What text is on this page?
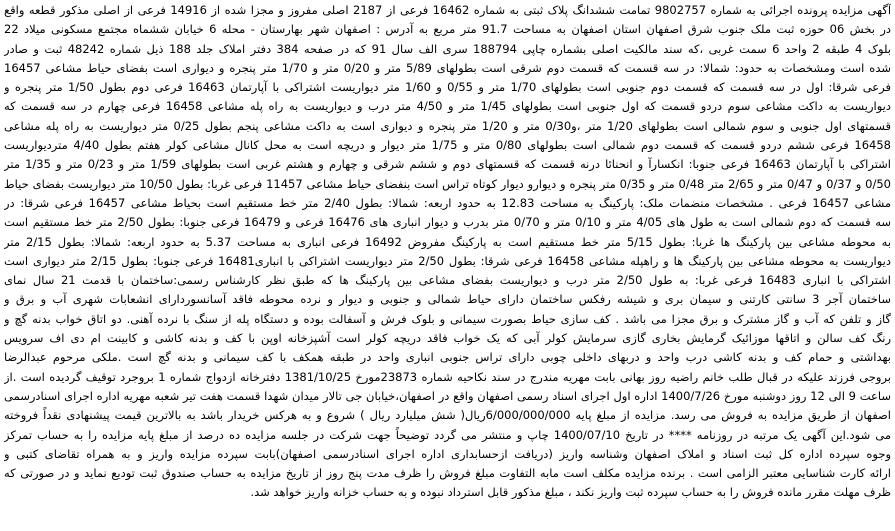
آگهی مزایده پرونده اجرائی به شماره 9802757 تمامت ششدانگ پلاک ثبتی به شماره 16462 فرعی از 2187 اصلی مفروز و مجزا شده از 14916 فرعی از اصلی مذکور قطعه واقع
در بخش 06 حوزه ثبت ملک جنوب شرق اصفهان استان اصفهان به مساحت 91.7 متر مربع به آدرس : اصفهان شهر بهارستان - محله 6 خیابان ششماه مجتمع مسکونی میلاد 22
بلوک 4 طبقه 2 واحد 6 سمت غربی ،که سند مالکیت اصلی بشماره چاپی 188794 سری الف سال 91 که در صفحه 384 دفتر املاک جلد 188 ذیل شماره 48242 ثبت و صادر
شده است ومشخصات به حدود: شمالا: در سه قسمت که قسمت دوم شرقی است بطولهای 5/89 متر و 0/20 متر و 1/70 متر پنجره و دیواری است بفضای حیاط مشاعی 16457
فرعی شرقا: اول در سه قسمت که قسمت دوم جنوبی است بطولهای 1/70 متر و 0/55 و 1/60 متر دیواریست اشتراکی با آپارتمان 16463 فرعی دوم بطول 1/50 متر پنجره و
دیواریست به داکت مشاعی سوم دردو قسمت که اول جنوبی است بطولهای 1/45 متر و 4/50 متر درب و دیواریست به راه پله مشاعی 16458 فرعی چهارم در سه قسمت که
قسمتهای اول جنوبی و سوم شمالی است بطولهای 1/20 متر ،و0/30 متر و 1/20 متر پنجره و دیواری است به داکت مشاعی پنجم بطول 0/25 متر دیواریست به راه پله مشاعی
16458 فرعی ششم دردو قسمت که قسمت دوم شمالی است بطولهای 0/80 متر و 1/75 متر دیوار و دریچه است به محل کانال مشاعی کولر هفتم بطول 4/40 متردیواریست
اشتراکی با آپارتمان 16463 فرعی جنوبا: انکسارآ و انحنائا درنه قسمت که قسمتهای دوم و ششم شرقی و چهارم و هشتم غربی است بطولهای 1/59 متر و 0/23 متر و 1/35 متر
0/50 و 0/37 و 0/47 متر و 2/65 متر 0/48 متر و 0/35 متر پنجره و دیوارو دیوار کوتاه تراس است بنفضای حیاط مشاعی 11457 فرعی غربا: بطول 10/50 متر دیواریست بفضای حیاط
مشاعی 16457 فرعی . مشخصات منضمات ملک: پارکینگ به مساحت 12.83 به حدود اربعه: شمالا: بطول 2/40 متر خط مستقیم است بحیاط مشاعی 16457 فرعی شرقا: در
سه قسمت که دوم شمالی است به طول های 4/05 متر و 0/10 متر و 0/70 متر بدرب و دیوار انباری های 16476 فرعی و 16479 فرعی جنوبا: بطول 2/50 متر خط مستقیم است
به محوطه مشاعی بین پارکینگ ها غربا: بطول 5/15 متر خط مستقیم است به پارکینگ مفروض 16492 فرعی انباری به مساحت 5.37 به حدود اربعه: شمالا: بطول 2/15 متر
دیواریست به محوطه مشاعی بین پارکینگ ها و راهپله مشاعی 16458 فرعی شرقا: بطول 2/50 متر دیواریست اشتراکی با انباری16481 فرعی جنوبا: بطول 2/15 متر دیواری است
اشتراکی با انباری 16483 فرعی غربا: به طول 2/50 متر درب و دیواریست بفضای مشاعی بین پارکینگ ها که طبق نظر کارشناس رسمی:ساختمان با قدمت 21 سال نمای
ساختمان آجر 3 سانتی کارتنی و سیمان بری و شیشه رفکس ساختمان دارای حیاط شمالی و جنوبی و دیوار و نرده محوطه فاقد آسانسوردارای انشعابات شهری آب و برق و
گاز و تلفن که آب و گاز مشترک و برق مجزا می باشد . کف سازی حیاط بصورت سیمانی و بلوک فرش و آسفالت بوده و دستگاه پله از سنگ با نرده آهنی. دو اتاق خواب بدنه گچ و
رنگ کف سالن و اتاقها موزائیک گرمایش بخاری گازی سرمایش کولر آبی که یک خواب فاقد دریچه کولر است آشپزخانه اوپن با کف و بدنه کاشی و کابینت ام دی اف سرویس
بهداشتی و حمام کف و بدنه کاشی درب واحد و دربهای داخلی چوبی دارای تراس جنوبی انباری واحد در طبقه همکف با کف سیمانی و بدنه گچ است .ملکی مرحوم عبدالرضا
بروجی فرزند علیکه در قبال طلب خانم راضیه روز بهانی بابت مهریه مندرج در سند نکاحیه شماره 23873مورخ 1381/10/25 دفترخانه ازدواج شماره 1 بروجرد توقیف گردیده است .از
ساعت 9 الی 12 روز دوشنبه مورخ 1400/7/26 اداره اول اجرای اسناد رسمی اصفهان واقع در اصفهان،خیابان جی تالار میدان شهدا قسمت هفت تیر شعبه مهریه اداره اجرای اسنادرسمی
اصفهان از طریق مزایده به فروش می رسد. مزایده از مبلغ پایه 6/000/000/000ریال( شش میلیارد ریال ) شروع و به هرکس خریدار باشد به بالاترین قیمت پیشنهادی نقداً فروخته
می شود.این آگهی یک مرتبه در روزنامه **** در تاریخ 1400/07/10 چاپ و منتشر می گردد توضیحاً جهت شرکت در جلسه مزایده ده درصد از مبلغ پایه مزایده را به حساب تمرکز
وجوه سپرده اداره کل ثبت اسناد و املاک اصفهان وشناسه واریز (دریافت ازحسابداری اداره اجرای اسنادرسمی اصفهان)بابت سپرده مزایده واریز و به همراه تقاضای کتبی و
ارائه کارت شناسایی معتبر الزامی است . برنده مزایده مکلف است مابه التفاوت مبلغ فروش را ظرف مدت پنج روز از تاریخ مزایده به حساب صندوق ثبت تودیع نماید و در صورتی که
ظرف مهلت مقرر مانده فروش را به حساب سپرده ثبت واریز نکند ، مبلغ مذکور قابل استرداد نبوده و به حساب خزانه واریز خواهد شد.
